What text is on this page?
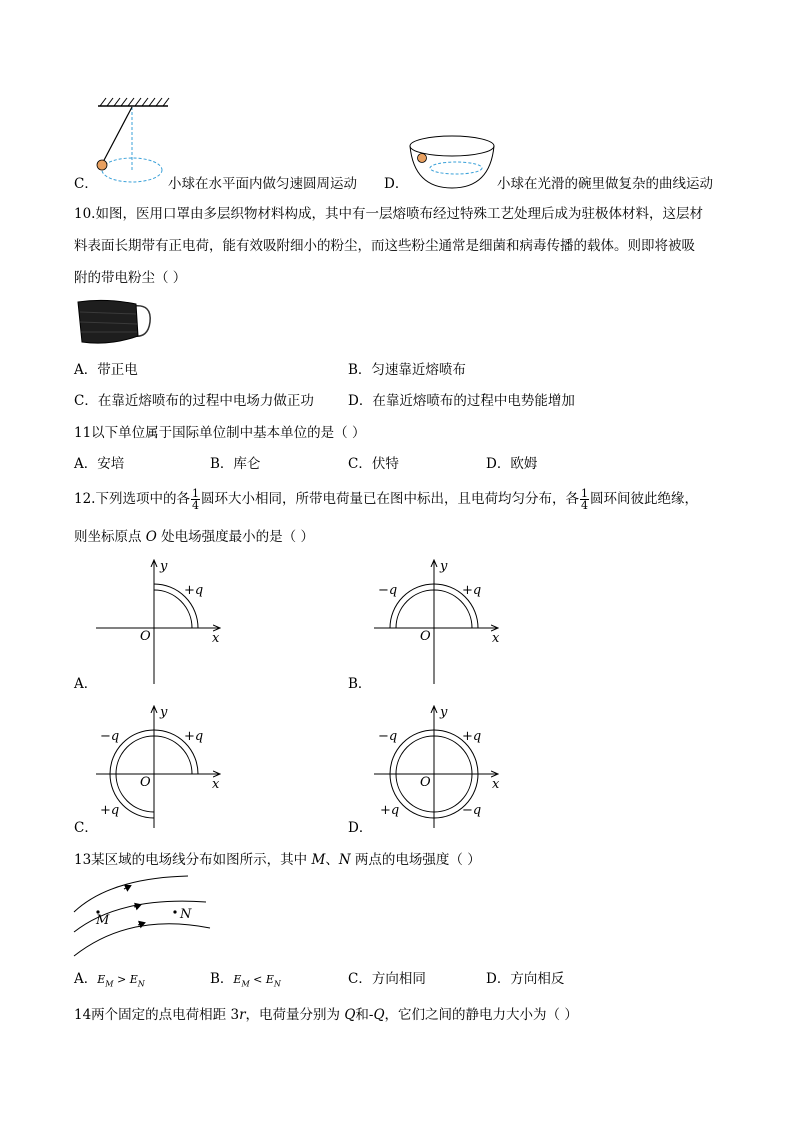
C．	小球在水平面内做匀速圆周运动 D．	小球在光滑的碗里做复杂的曲线运动
10.如图，医用口罩由多层织物材料构成，其中有一层熔喷布经过特殊工艺处理后成为驻极体材料，这层材
料表面长期带有正电荷，能有效吸附细小的粉尘，而这些粉尘通常是细菌和病毒传播的载体。则即将被吸
附的带电粉尘（ ）
A．带正电	B．匀速靠近熔喷布
C．在靠近熔喷布的过程中电场力做正功	D．在靠近熔喷布的过程中电势能增加
11以下单位属于国际单位制中基本单位的是（ ）
A．安培	B．库仑	C．伏特	D．欧姆
12.下列选项中的各 $\frac{1}{4}$ 圆环大小相同，所带电荷量已在图中标出，且电荷均匀分布，各 $\frac{1}{4}$ 圆环间彼此绝缘，
则坐标原点 O 处电场强度最小的是（ ）
y
x
O
+q
A．
y
x
O
−q	+q
B．
y
x
O
−q	+q
+q
C．
y
x
O
−q	+q
+q	−q
D．
13某区域的电场线分布如图所示，其中 M、N 两点的电场强度（ ）
M	N
A．$E_M > E_N$	B．$E_M < E_N$	C．方向相同	D．方向相反
14两个固定的点电荷相距 3r，电荷量分别为 Q和-Q，它们之间的静电力大小为（ ）
